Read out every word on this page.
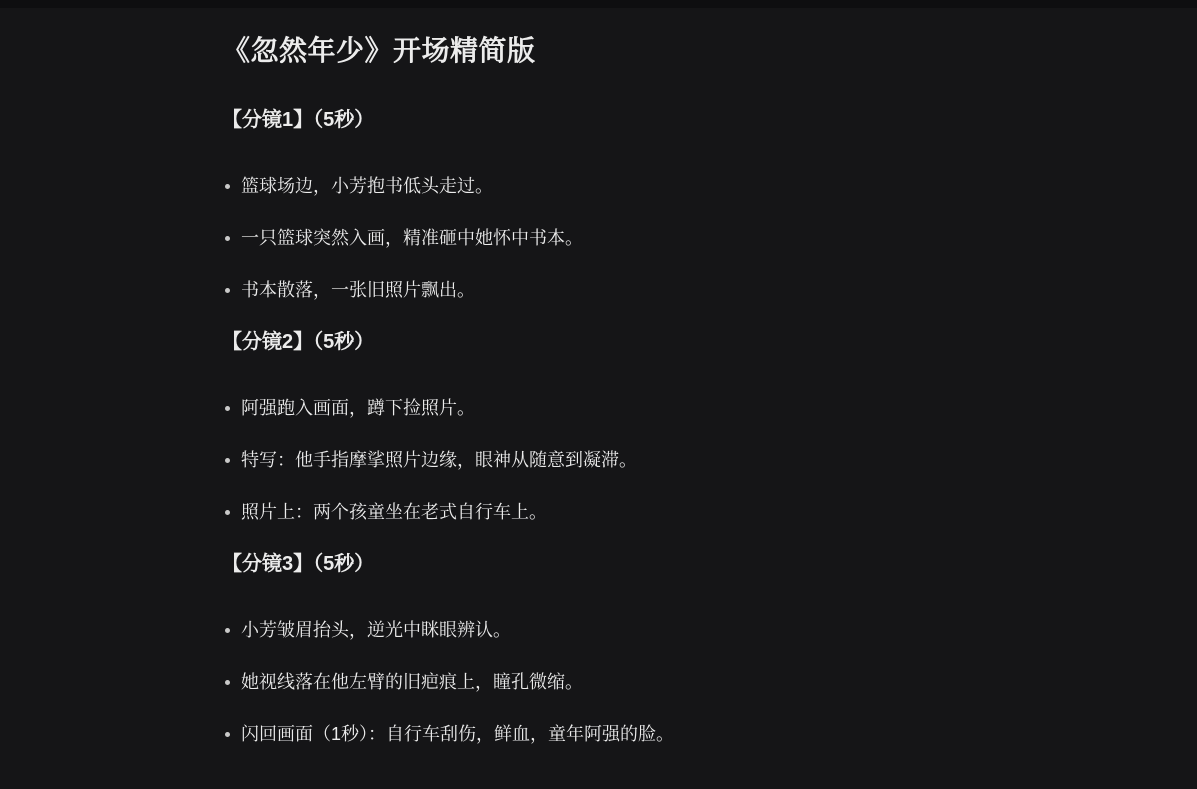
《忽然年少》开场精简版
【分镜1】（5秒）
篮球场边，小芳抱书低头走过。
一只篮球突然入画，精准砸中她怀中书本。
书本散落，一张旧照片飘出。
【分镜2】（5秒）
阿强跑入画面，蹲下捡照片。
特写：他手指摩挲照片边缘，眼神从随意到凝滞。
照片上：两个孩童坐在老式自行车上。
【分镜3】（5秒）
小芳皱眉抬头，逆光中眯眼辨认。
她视线落在他左臂的旧疤痕上，瞳孔微缩。
闪回画面（1秒）：自行车刮伤，鲜血，童年阿强的脸。
